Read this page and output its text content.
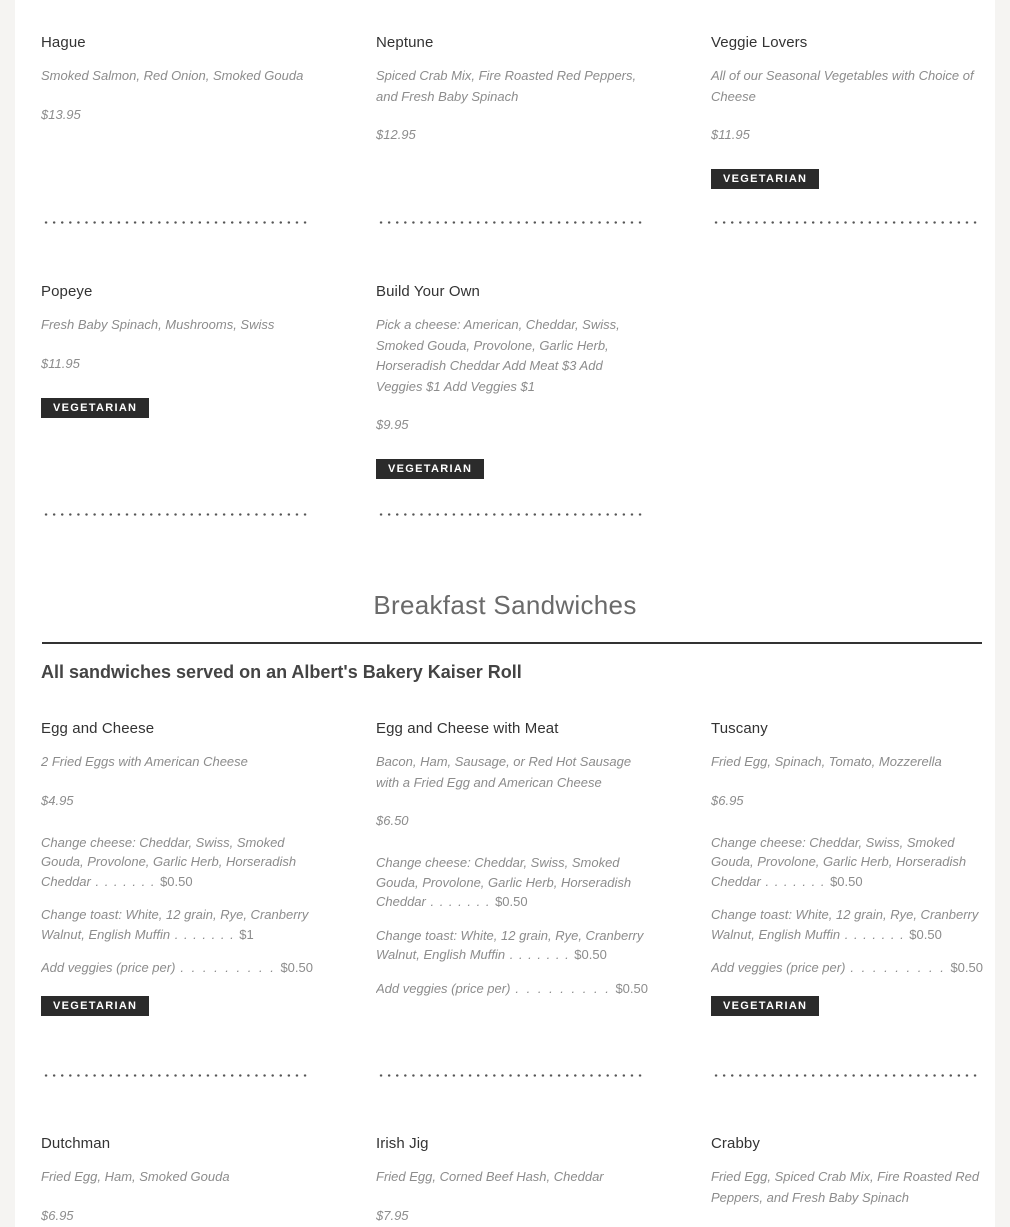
Hague
Smoked Salmon, Red Onion, Smoked Gouda
$13.95
Neptune
Spiced Crab Mix, Fire Roasted Red Peppers, and Fresh Baby Spinach
$12.95
Veggie Lovers
All of our Seasonal Vegetables with Choice of Cheese
$11.95
VEGETARIAN
Popeye
Fresh Baby Spinach, Mushrooms, Swiss
$11.95
VEGETARIAN
Build Your Own
Pick a cheese: American, Cheddar, Swiss, Smoked Gouda, Provolone, Garlic Herb, Horseradish Cheddar Add Meat $3 Add Veggies $1 Add Veggies $1
$9.95
VEGETARIAN
Breakfast Sandwiches
All sandwiches served on an Albert's Bakery Kaiser Roll
Egg and Cheese
2 Fried Eggs with American Cheese
$4.95
Change cheese: Cheddar, Swiss, Smoked Gouda, Provolone, Garlic Herb, Horseradish Cheddar . . . . . . . $0.50
Change toast: White, 12 grain, Rye, Cranberry Walnut, English Muffin . . . . . . . $1
Add veggies (price per) . . .	$0.50
VEGETARIAN
Egg and Cheese with Meat
Bacon, Ham, Sausage, or Red Hot Sausage with a Fried Egg and American Cheese
$6.50
Change cheese: Cheddar, Swiss, Smoked Gouda, Provolone, Garlic Herb, Horseradish Cheddar . . . . . . . $0.50
Change toast: White, 12 grain, Rye, Cranberry Walnut, English Muffin . . . . . . . $0.50
Add veggies (price per) . . .	$0.50
Tuscany
Fried Egg, Spinach, Tomato, Mozzerella
$6.95
Change cheese: Cheddar, Swiss, Smoked Gouda, Provolone, Garlic Herb, Horseradish Cheddar . . . . . . . $0.50
Change toast: White, 12 grain, Rye, Cranberry Walnut, English Muffin . . . . . . . $0.50
Add veggies (price per) . . .	$0.50
VEGETARIAN
Dutchman
Fried Egg, Ham, Smoked Gouda
$6.95
Irish Jig
Fried Egg, Corned Beef Hash, Cheddar
$7.95
Crabby
Fried Egg, Spiced Crab Mix, Fire Roasted Red Peppers, and Fresh Baby Spinach
